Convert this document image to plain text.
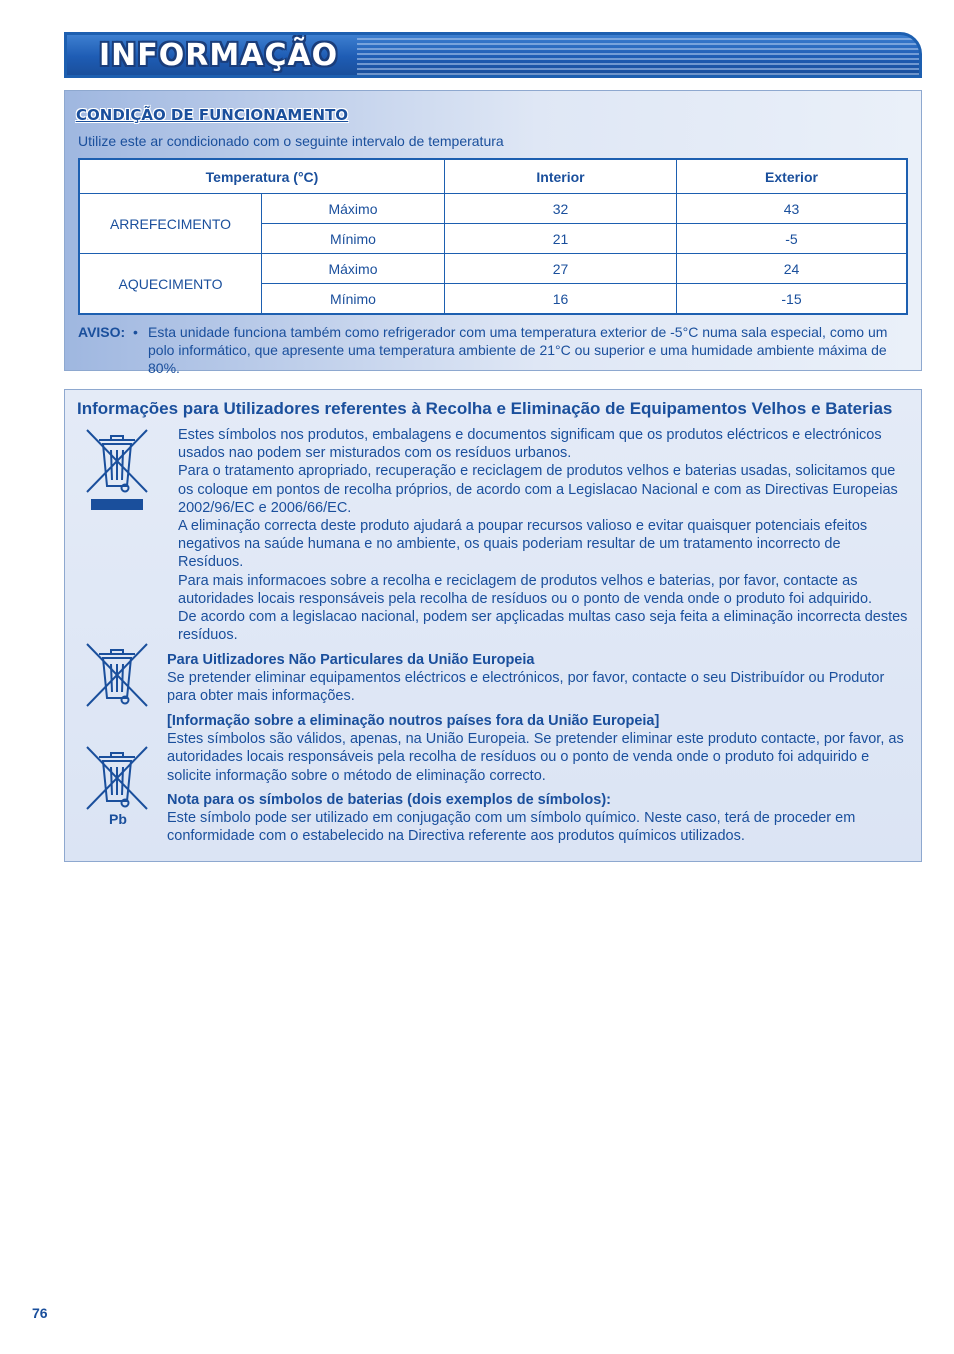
INFORMAÇÃO
CONDIÇÃO DE FUNCIONAMENTO
Utilize este ar condicionado com o seguinte intervalo de temperatura
Temperatura (°C)		Interior	Exterior
ARREFECIMENTO	Máximo	32	43
	Mínimo	21	-5
AQUECIMENTO	Máximo	27	24
	Mínimo	16	-15
AVISO: • Esta unidade funciona também como refrigerador com uma temperatura exterior de -5°C numa sala especial, como um polo informático, que apresente uma temperatura ambiente de 21°C ou superior e uma humidade ambiente máxima de 80%.
Informações para Utilizadores referentes à Recolha e Eliminação de Equipamentos Velhos e Baterias
Estes símbolos nos produtos, embalagens e documentos significam que os produtos eléctricos e electrónicos usados nao podem ser misturados com os resíduos urbanos.
Para o tratamento apropriado, recuperação e reciclagem de produtos velhos e baterias usadas, solicitamos que os coloque em pontos de recolha próprios, de acordo com a Legislacao Nacional e com as Directivas Europeias 2002/96/EC e 2006/66/EC.
A eliminação correcta deste produto ajudará a poupar recursos valioso e evitar quaisquer potenciais efeitos negativos na saúde humana e no ambiente, os quais poderiam resultar de um tratamento incorrecto de Resíduos.
Para mais informacoes sobre a recolha e reciclagem de produtos velhos e baterias, por favor, contacte as autoridades locais responsáveis pela recolha de resíduos ou o ponto de venda onde o produto foi adquirido.
De acordo com a legislacao nacional, podem ser apçlicadas multas caso seja feita a eliminação incorrecta destes resíduos.
Para Uitlizadores Não Particulares da União Europeia
Se pretender eliminar equipamentos eléctricos e electrónicos, por favor, contacte o seu Distribuídor ou Produtor para obter mais informações.
[Informação sobre a eliminação noutros países fora da União Europeia]
Estes símbolos são válidos, apenas, na União Europeia. Se pretender eliminar este produto contacte, por favor, as autoridades locais responsáveis pela recolha de resíduos ou o ponto de venda onde o produto foi adquirido e solicite informação sobre o método de eliminação correcto.
Pb
Nota para os símbolos de baterias (dois exemplos de símbolos):
Este símbolo pode ser utilizado em conjugação com um símbolo químico. Neste caso, terá de proceder em conformidade com o estabelecido na Directiva referente aos produtos químicos utilizados.
76
